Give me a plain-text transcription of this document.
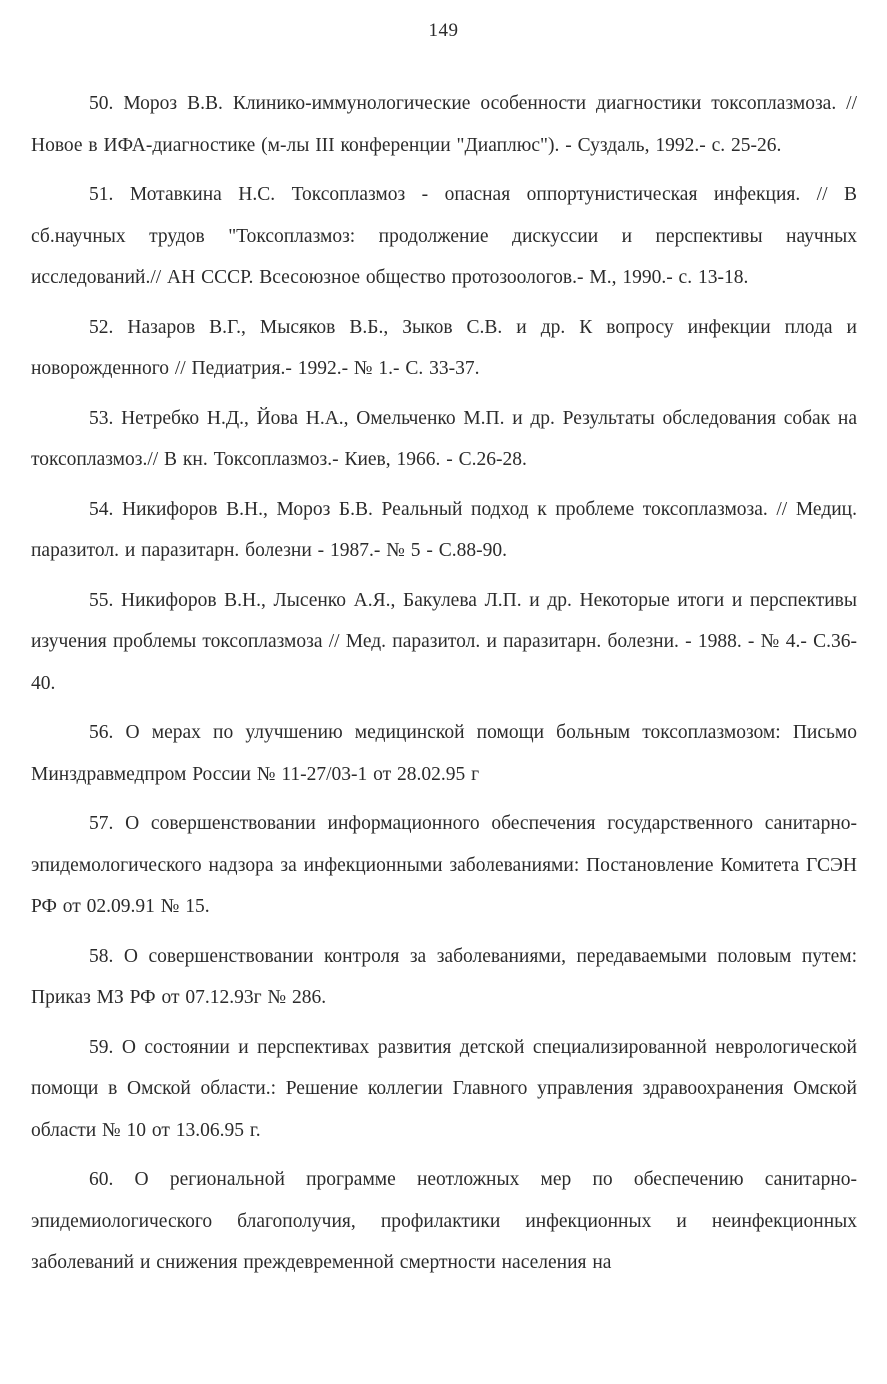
149

50. Мороз В.В. Клинико-иммунологические особенности диагностики токсоплазмоза. //Новое в ИФА-диагностике (м-лы III конференции "Диаплюс"). - Суздаль, 1992.- с. 25-26.

51. Мотавкина Н.С. Токсоплазмоз - опасная оппортунистическая инфекция. // В сб.научных трудов "Токсоплазмоз: продолжение дискуссии и перспективы научных исследований.// АН СССР. Всесоюзное общество протозоологов.- М., 1990.- с. 13-18.

52. Назаров В.Г., Мысяков В.Б., Зыков С.В. и др. К вопросу инфекции плода и новорожденного // Педиатрия.- 1992.- № 1.- С. 33-37.

53. Нетребко Н.Д., Йова Н.А., Омельченко М.П. и др. Результаты обследования собак на токсоплазмоз.// В кн. Токсоплазмоз.- Киев, 1966. - С.26-28.

54. Никифоров В.Н., Мороз Б.В. Реальный подход к проблеме токсоплазмоза. // Медиц. паразитол. и паразитарн. болезни - 1987.- № 5 - С.88-90.

55. Никифоров В.Н., Лысенко А.Я., Бакулева Л.П. и др. Некоторые итоги и перспективы изучения проблемы токсоплазмоза // Мед. паразитол. и паразитарн. болезни. - 1988. - № 4.- С.36-40.

56. О мерах по улучшению медицинской помощи больным токсоплазмозом: Письмо Минздравмедпром России № 11-27/03-1 от 28.02.95 г

57. О совершенствовании информационного обеспечения государственного санитарно-эпидемологического надзора за инфекционными заболеваниями: Постановление Комитета ГСЭН РФ от 02.09.91 № 15.

58. О совершенствовании контроля за заболеваниями, передаваемыми половым путем: Приказ МЗ РФ от 07.12.93г № 286.

59. О состоянии и перспективах развития детской специализированной неврологической помощи в Омской области.: Решение коллегии Главного управления здравоохранения Омской области № 10 от 13.06.95 г.

60. О региональной программе неотложных мер по обеспечению санитарно-эпидемиологического благополучия, профилактики инфекционных и неинфекционных заболеваний и снижения преждевременной смертности населения на
